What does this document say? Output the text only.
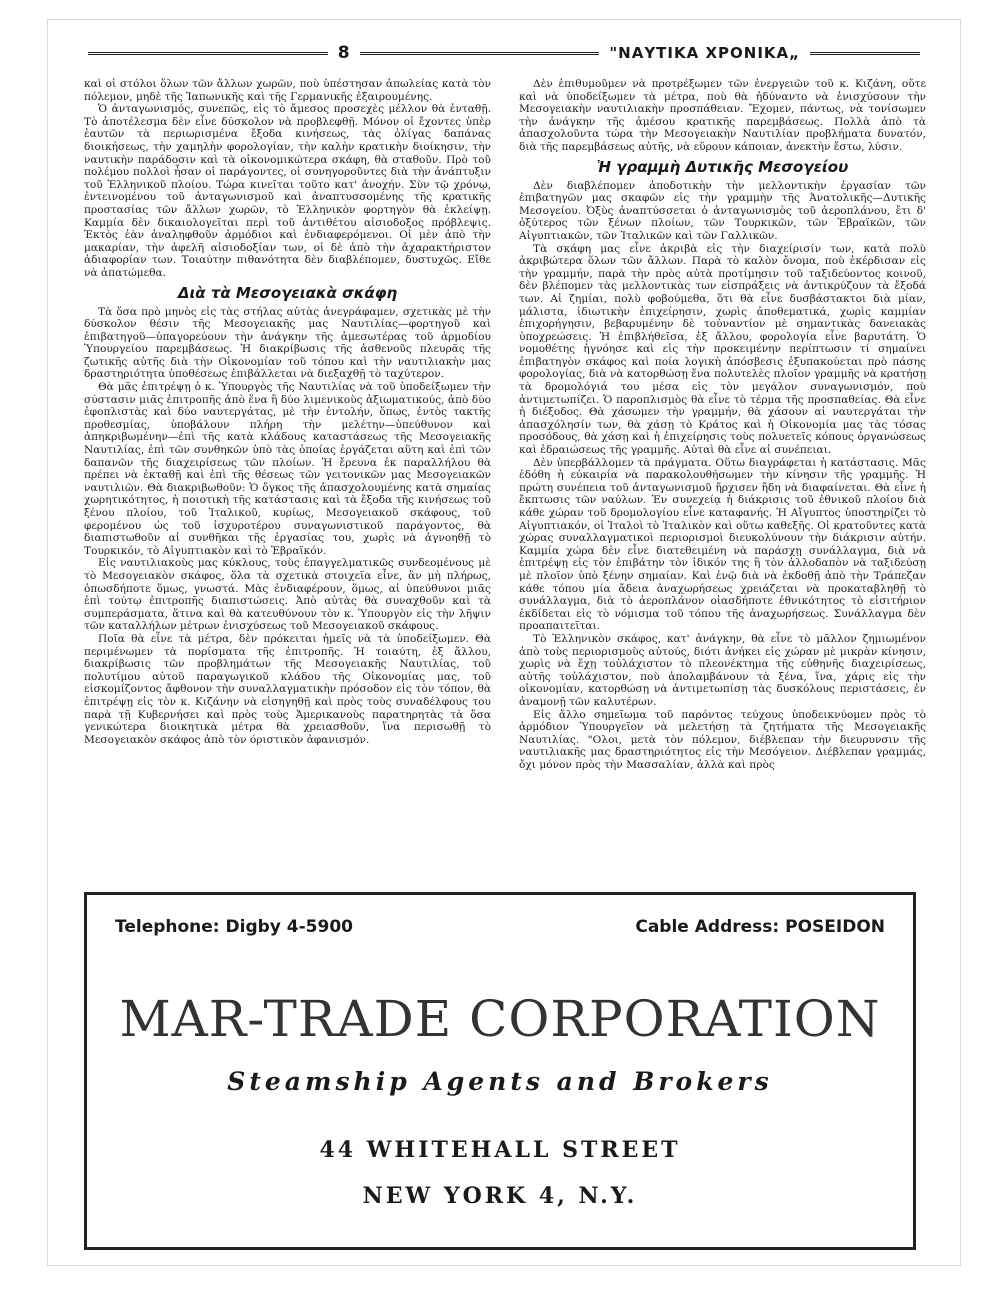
8	"ΝΑΥΤΙΚΑ ΧΡΟΝΙΚΑ„

καὶ οἱ στόλοι ὅλων τῶν ἄλλων χωρῶν, ποὺ ὑπέστησαν ἀπωλείας κατὰ τὸν πόλεμον, μηδὲ τῆς Ἰαπωνικῆς καὶ τῆς Γερμανικῆς ἐξαιρουμένης.

Ὁ ἀνταγωνισμός, συνεπῶς, εἰς τὸ ἄμεσος προσεχὲς μέλλον θὰ ἐνταθῇ. Τὸ ἀποτέλεσμα δὲν εἶνε δύσκολον νὰ προβλεφθῇ. Μόνον οἱ ἔχοντες ὑπὲρ ἑαυτῶν τὰ περιωρισμένα ἔξοδα κινήσεως, τὰς ὀλίγας δαπάνας διοικήσεως, τὴν χαμηλὴν φορολογίαν, τὴν καλὴν κρατικὴν διοίκησιν, τὴν ναυτικὴν παράδοσιν καὶ τὰ οἰκονομικώτερα σκάφη, θὰ σταθοῦν. Πρὸ τοῦ πολέμου πολλοὶ ἦσαν οἱ παράγοντες, οἱ συνηγοροῦντες διὰ τὴν ἀνάπτυξιν τοῦ Ἑλληνικοῦ πλοίου. Τώρα κινεῖται τοῦτο κατ' ἀνοχήν. Σὺν τῷ χρόνῳ, ἐντεινομένου τοῦ ἀνταγωνισμοῦ καὶ ἀναπτυσσομένης τῆς κρατικῆς προστασίας τῶν ἄλλων χωρῶν, τὸ Ἑλληνικὸν φορτηγὸν θὰ ἐκλείψῃ. Καμμία δὲν δικαιολογεῖται περὶ τοῦ ἀντιθέτου αἰσιοδοξος πρόβλεψις. Ἐκτὸς ἐὰν ἀναληφθοῦν ἁρμόδιοι καὶ ἐνδιαφερόμενοι. Οἱ μὲν ἀπὸ τὴν μακαρίαν, τὴν ἀφελῆ αἰσιοδοξίαν των, οἱ δὲ ἀπὸ τὴν ἀχαρακτήριστον ἀδιαφορίαν των. Τοιαύτην πιθανότητα δὲν διαβλέπομεν, δυστυχῶς. Εἴθε νὰ ἀπατώμεθα.

Διὰ τὰ Μεσογειακὰ σκάφη

Τὰ ὅσα πρὸ μηνὸς εἰς τὰς στήλας αὐτὰς ἀνεγράφαμεν, σχετικὰς μὲ τὴν δύσκολον θέσιν τῆς Μεσογειακῆς μας Ναυτιλίας—φορτηγοῦ καὶ ἐπιβατηγοῦ—ὑπαγορεύουν τὴν ἀνάγκην τῆς ἀμεσωτέρας τοῦ ἁρμοδίου Ὑπουργείου παρεμβάσεως. Ἡ διακρίβωσις τῆς ἀσθενοῦς πλευρᾶς τῆς ζωτικῆς αὐτῆς διὰ τὴν Οἰκονομίαν τοῦ τόπου καὶ τὴν ναυτιλιακὴν μας δραστηριότητα ὑποθέσεως ἐπιβάλλεται νὰ διεξαχθῇ τὸ ταχύτερον.

Θὰ μᾶς ἐπιτρέψῃ ὁ κ. Ὑπουργὸς τῆς Ναυτιλίας νὰ τοῦ ὑποδείξωμεν τὴν σύστασιν μιᾶς ἐπιτροπῆς ἀπὸ ἕνα ἢ δύο λιμενικοὺς ἀξιωματικούς, ἀπὸ δύο ἐφοπλιστὰς καὶ δύο ναυτεργάτας, μὲ τὴν ἐντολήν, ὅπως, ἐντὸς τακτῆς προθεσμίας, ὑποβάλουν πλήρη τὴν μελέτην—ὑπεύθυνον καὶ ἀπηκριβωμένην—ἐπὶ τῆς κατὰ κλάδους καταστάσεως τῆς Μεσογειακῆς Ναυτιλίας, ἐπὶ τῶν συνθηκῶν ὑπὸ τὰς ὁποίας ἐργάζεται αὕτη καὶ ἐπὶ τῶν δαπανῶν τῆς διαχειρίσεως τῶν πλοίων. Ἡ ἔρευνα ἐκ παραλλήλου θὰ πρέπει νὰ ἐκταθῇ καὶ ἐπὶ τῆς θέσεως τῶν γειτονικῶν μας Μεσογειακῶν ναυτιλιῶν. Θὰ διακριβωθοῦν: Ὁ ὄγκος τῆς ἀπασχολουμένης κατὰ σημαίας χωρητικότητος, ἡ ποιοτικὴ τῆς κατάστασις καὶ τὰ ἔξοδα τῆς κινήσεως τοῦ ξένου πλοίου, τοῦ Ἰταλικοῦ, κυρίως, Μεσογειακοῦ σκάφους, τοῦ φερομένου ὡς τοῦ ἰσχυροτέρου συναγωνιστικοῦ παράγοντος, θὰ διαπιστωθοῦν αἱ συνθῆκαι τῆς ἐργασίας του, χωρὶς νὰ ἀγνοηθῇ τὸ Τουρκικόν, τὸ Αἰγυπτιακὸν καὶ τὸ Ἑβραϊκόν.

Εἰς ναυτιλιακοὺς μας κύκλους, τοὺς ἐπαγγελματικῶς συνδεομένους μὲ τὸ Μεσογειακὸν σκάφος, ὅλα τὰ σχετικὰ στοιχεῖα εἶνε, ἂν μὴ πλήρως, ὁπωσδήποτε ὅμως, γνωστά. Μὰς ἐνδιαφέρουν, ὅμως, αἱ ὑπεύθυνοι μιᾶς ἐπὶ τούτῳ ἐπιτροπῆς διαπιστώσεις. Ἀπὸ αὐτὰς θὰ συναχθοῦν καὶ τὰ συμπεράσματα, ἅτινα καὶ θὰ κατευθύνουν τὸν κ. Ὑπουργὸν εἰς τὴν λῆψιν τῶν καταλλήλων μέτρων ἐνισχύσεως τοῦ Μεσογειακοῦ σκάφους.

Ποῖα θὰ εἶνε τὰ μέτρα, δὲν πρόκειται ἡμεῖς νὰ τὰ ὑποδείξωμεν. Θὰ περιμένωμεν τὰ πορίσματα τῆς ἐπιτροπῆς. Ἡ τοιαύτη, ἐξ ἄλλου, διακρίβωσις τῶν προβλημάτων τῆς Μεσογειακῆς Ναυτιλίας, τοῦ πολυτίμου αὐτοῦ παραγωγικοῦ κλάδου τῆς Οἰκονομίας μας, τοῦ εἰσκομίζοντος ἄφθονον τὴν συναλλαγματικὴν πρόσοδον εἰς τὸν τόπον, θὰ ἐπιτρέψῃ εἰς τὸν κ. Κιζάνην νὰ εἰσηγηθῇ καὶ πρὸς τοὺς συναδέλφους του παρὰ τῇ Κυβερνήσει καὶ πρὸς τοὺς Ἀμερικανοὺς παρατηρητὰς τὰ ὅσα γενικώτερα διοικητικὰ μέτρα θὰ χρειασθοῦν, ἵνα περισωθῇ τὸ Μεσογειακὸν σκάφος ἀπὸ τὸν όριστικὸν ἀφανισμόν.

Δὲν ἐπιθυμοῦμεν νὰ προτρέξωμεν τῶν ἐνεργειῶν τοῦ κ. Κιζάνη, οὔτε καὶ νὰ ὑποδείξωμεν τὰ μέτρα, ποὺ θὰ ἠδύναντο νὰ ἐνισχύσουν τὴν Μεσογειακὴν ναυτιλιακὴν προσπάθειαν. Ἔχομεν, πάντως, νὰ τονίσωμεν τὴν ἀνάγκην τῆς ἀμέσου κρατικῆς παρεμβάσεως. Πολλὰ ἀπὸ τὰ ἀπασχολοῦντα τώρα τὴν Μεσογειακὴν Ναυτιλίαν προβλήματα δυνατόν, διὰ τῆς παρεμβάσεως αὐτῆς, νὰ εὕρουν κάποιαν, ἀνεκτὴν ἔστω, λύσιν.

Ἡ γραμμὴ Δυτικῆς Μεσογείου

Δὲν διαβλέπομεν ἀποδοτικὴν τὴν μελλοντικὴν ἐργασίαν τῶν ἐπιβατηγῶν μας σκαφῶν εἰς τὴν γραμμὴν τῆς Ἀνατολικῆς—Δυτικῆς Μεσογείου. Ὀξὺς ἀναπτύσσεται ὁ ἀνταγωνισμὸς τοῦ ἀεροπλάνου, ἔτι δ' ὀξύτερος τῶν ξένων πλοίων, τῶν Τουρκικῶν, τῶν Ἑβραϊκῶν, τῶν Αἰγυπτιακῶν, τῶν Ἰταλικῶν καὶ τῶν Γαλλικῶν.

Τὰ σκάφη μας εἶνε ἀκριβὰ εἰς τὴν διαχείρισίν των, κατὰ πολὺ ἀκριβώτερα ὅλων τῶν ἄλλων. Παρὰ τὸ καλὸν ὄνομα, ποὺ ἐκέρδισαν εἰς τὴν γραμμήν, παρὰ τὴν πρὸς αὐτὰ προτίμησιν τοῦ ταξιδεύοντος κοινοῦ, δὲν βλέπομεν τὰς μελλοντικὰς των εἰσπράξεις νὰ ἀντικρύζουν τὰ ἔξοδά των. Αἱ ζημίαι, πολὺ φοβούμεθα, ὅτι θὰ εἶνε δυσβάστακτοι διὰ μίαν, μάλιστα, ἰδιωτικὴν ἐπιχείρησιν, χωρὶς ἀποθεματικά, χωρὶς καμμίαν ἐπιχορήγησιν, βεβαρυμένην δὲ τοὐναντίον μὲ σημαντικὰς δανειακὰς ὑποχρεώσεις. Ἡ ἐπιβλήθεῖσα, ἐξ ἄλλου, φορολογία εἶνε βαρυτάτη. Ὁ νομοθέτης ἠγνόησε καὶ εἰς τὴν προκειμένην περίπτωσιν τί σημαίνει ἐπιβατηγὸν σκάφος καὶ ποία λογικὴ ἀπόσβεσις ἐξυπακούεται πρὸ πάσης φορολογίας, διὰ νὰ κατορθώσῃ ἕνα πολυτελὲς πλοῖον γραμμῆς νὰ κρατήσῃ τὰ δρομολόγιά του μέσα εἰς τὸν μεγάλον συναγωνισμόν, ποὺ ἀντιμετωπίζει. Ὁ παροπλισμὸς θὰ εἶνε τὸ τέρμα τῆς προσπαθείας. Θὰ εἶνε ἡ διέξοδος. Θὰ χάσωμεν τὴν γραμμήν, θὰ χάσουν αἱ ναυτεργάται τὴν ἀπασχόλησίν των, θὰ χάσῃ τὸ Κράτος καὶ ἡ Οἰκονομία μας τὰς τόσας προσόδους, θὰ χάσῃ καὶ ἡ ἐπιχείρησις τοὺς πολυετεῖς κόπους ὀργανώσεως καὶ ἑδραιώσεως τῆς γραμμῆς. Αὐταὶ θὰ εἶνε αἱ συνέπειαι.

Δὲν ὑπερβάλλομεν τὰ πράγματα. Οὕτω διαγράφεται ἡ κατάστασις. Μᾶς ἐδόθη ἡ εὐκαιρία νὰ παρακολουθήσωμεν τὴν κίνησιν τῆς γραμμῆς. Ἡ πρώτη συνέπεια τοῦ ἀνταγωνισμοῦ ἤρχισεν ἤδη νὰ διαφαίνεται. Θὰ εἶνε ἡ ἔκπτωσις τῶν ναύλων. Ἐν συνεχείᾳ ἡ διάκρισις τοῦ ἐθνικοῦ πλοίου διὰ κάθε χώραν τοῦ δρομολογίου εἶνε καταφανής. Ἡ Αἴγυπτος ὑποστηρίζει τὸ Αἰγυπτιακόν, οἱ Ἰταλοὶ τὸ Ἰταλικὸν καὶ οὕτω καθεξῆς. Οἱ κρατοῦντες κατὰ χώρας συναλλαγματικοὶ περιορισμοὶ διευκολύνουν τὴν διάκρισιν αὐτήν. Καμμία χώρα δὲν εἶνε διατεθειμένη νὰ παράσχῃ συνάλλαγμα, διὰ νὰ ἐπιτρέψῃ εἰς τὸν ἐπιβάτην τὸν ἰδικόν της ἢ τὸν ἀλλοδαπὸν νὰ ταξιδεύσῃ μὲ πλοῖον ὑπὸ ξένην σημαίαν. Καὶ ἐνῷ διὰ νὰ ἐκδοθῇ ἀπὸ τὴν Τράπεζαν κάθε τόπου μία ἄδεια ἀναχωρήσεως χρειάζεται νὰ προκαταβληθῇ τὸ συνάλλαγμα, διὰ τὸ ἀεροπλάνον οἱασδήποτε ἐθνικότητος τὸ εἰσιτήριον ἐκδίδεται εἰς τὸ νόμισμα τοῦ τόπου τῆς ἀναχωρήσεως. Συνάλλαγμα δὲν προαπαιτεῖται.

Τὸ Ἑλληνικὸν σκάφος, κατ' ἀνάγκην, θὰ εἶνε τὸ μᾶλλον ζημιωμένον ἀπὸ τοὺς περιορισμοὺς αὐτούς, διότι ἀνήκει εἰς χώραν μὲ μικρὰν κίνησιν, χωρὶς νὰ ἔχῃ τοὐλάχιστον τὸ πλεονέκτημα τῆς εὐθηνῆς διαχειρίσεως, αὐτῆς τοὐλάχιστον, ποὺ ἀπολαμβάνουν τὰ ξένα, ἵνα, χάρις εἰς τὴν οἰκονομίαν, κατορθώσῃ νὰ ἀντιμετωπίσῃ τὰς δυσκόλους περιστάσεις, ἐν ἀναμονῇ τῶν καλυτέρων.

Εἰς ἄλλο σημεῖωμα τοῦ παρόντος τεύχους ὑποδεικνύομεν πρὸς τὸ ἁρμόδιον Ὑπουργεῖον νὰ μελετήσῃ τὰ ζητήματα τῆς Μεσογειακῆς Ναυτιλίας. "Ολοι, μετὰ τὸν πόλεμον, διέβλεπαν τὴν διευρυνσιν τῆς ναυτιλιακῆς μας δραστηριότητος εἰς τὴν Μεσόγειον. Διέβλεπαν γραμμάς, ὄχι μόνον πρὸς τὴν Μασσαλίαν, ἀλλὰ καὶ πρὸς

Telephone: Digby 4-5900	Cable Address: POSEIDON
MAR-TRADE CORPORATION
Steamship Agents and Brokers
44 WHITEHALL STREET
NEW YORK 4, N.Y.
